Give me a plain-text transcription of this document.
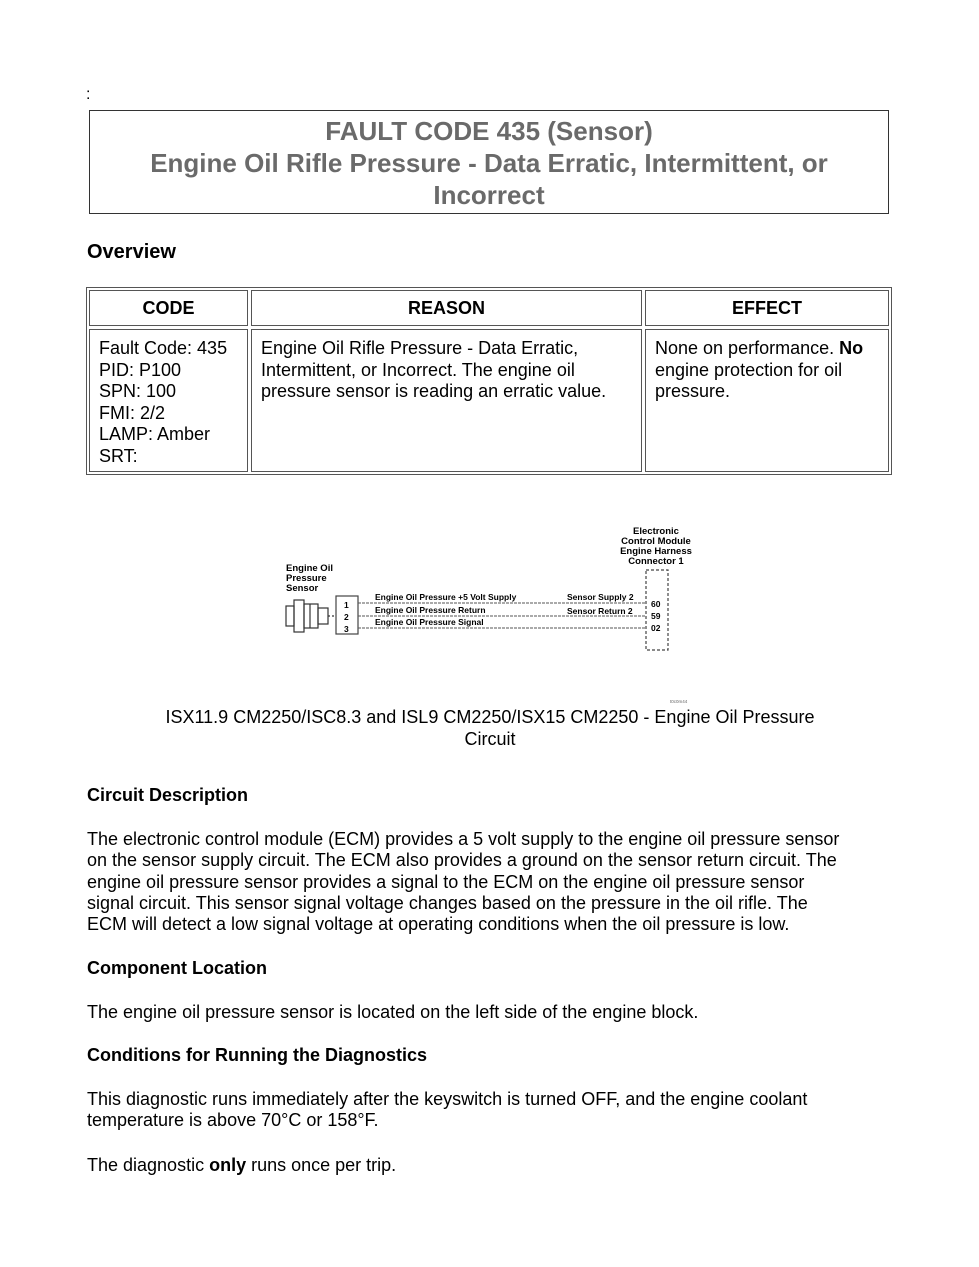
:
FAULT CODE 435 (Sensor)
Engine Oil Rifle Pressure - Data Erratic, Intermittent, or
Incorrect
Overview
CODE	REASON	EFFECT
Fault Code: 435
PID: P100
SPN: 100
FMI: 2/2
LAMP: Amber
SRT:
Engine Oil Rifle Pressure - Data Erratic,
Intermittent, or Incorrect. The engine oil
pressure sensor is reading an erratic value.
None on performance. No
engine protection for oil
pressure.
Electronic
Control Module
Engine Harness
Connector 1
60
59
02
Engine Oil
Pressure
Sensor
1
2
3
Engine Oil Pressure +5 Volt Supply
Engine Oil Pressure Return
Engine Oil Pressure Signal
Sensor Supply 2
Sensor Return 2
t0c0m44
ISX11.9 CM2250/ISC8.3 and ISL9 CM2250/ISX15 CM2250 - Engine Oil Pressure
Circuit
Circuit Description
The electronic control module (ECM) provides a 5 volt supply to the engine oil pressure sensor
on the sensor supply circuit. The ECM also provides a ground on the sensor return circuit. The
engine oil pressure sensor provides a signal to the ECM on the engine oil pressure sensor
signal circuit. This sensor signal voltage changes based on the pressure in the oil rifle. The
ECM will detect a low signal voltage at operating conditions when the oil pressure is low.
Component Location
The engine oil pressure sensor is located on the left side of the engine block.
Conditions for Running the Diagnostics
This diagnostic runs immediately after the keyswitch is turned OFF, and the engine coolant
temperature is above 70°C or 158°F.
The diagnostic only runs once per trip.
